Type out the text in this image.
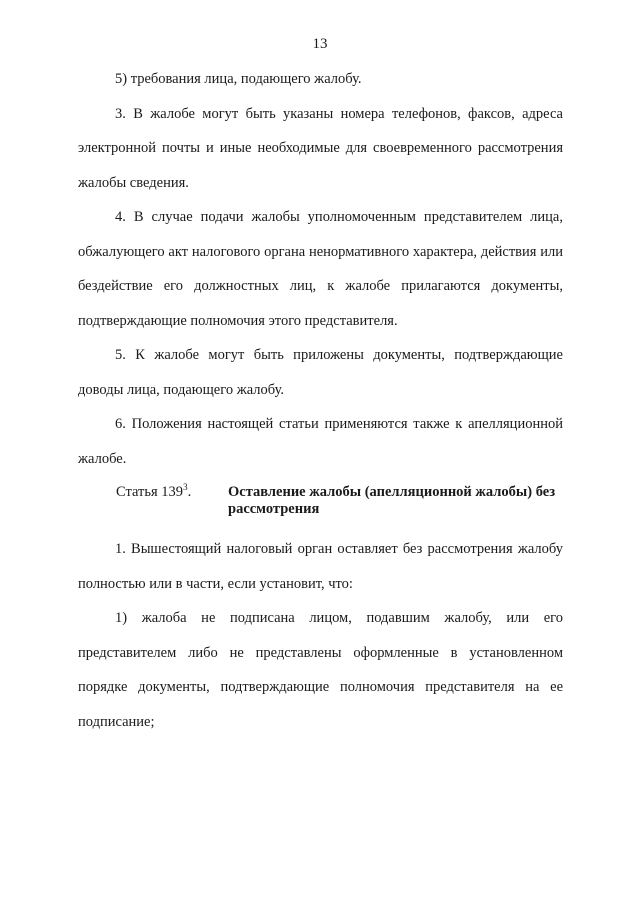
13

5) требования лица, подающего жалобу.

3. В жалобе могут быть указаны номера телефонов, факсов, адреса электронной почты и иные необходимые для своевременного рассмотрения жалобы сведения.

4. В случае подачи жалобы уполномоченным представителем лица, обжалующего акт налогового органа ненормативного характера, действия или бездействие его должностных лиц, к жалобе прилагаются документы, подтверждающие полномочия этого представителя.

5. К жалобе могут быть приложены документы, подтверждающие доводы лица, подающего жалобу.

6. Положения настоящей статьи применяются также к апелляционной жалобе.

Статья $139^3$.	Оставление жалобы (апелляционной жалобы) без рассмотрения

1. Вышестоящий налоговый орган оставляет без рассмотрения жалобу полностью или в части, если установит, что:

1) жалоба не подписана лицом, подавшим жалобу, или его представителем либо не представлены оформленные в установленном порядке документы, подтверждающие полномочия представителя на ее подписание;
